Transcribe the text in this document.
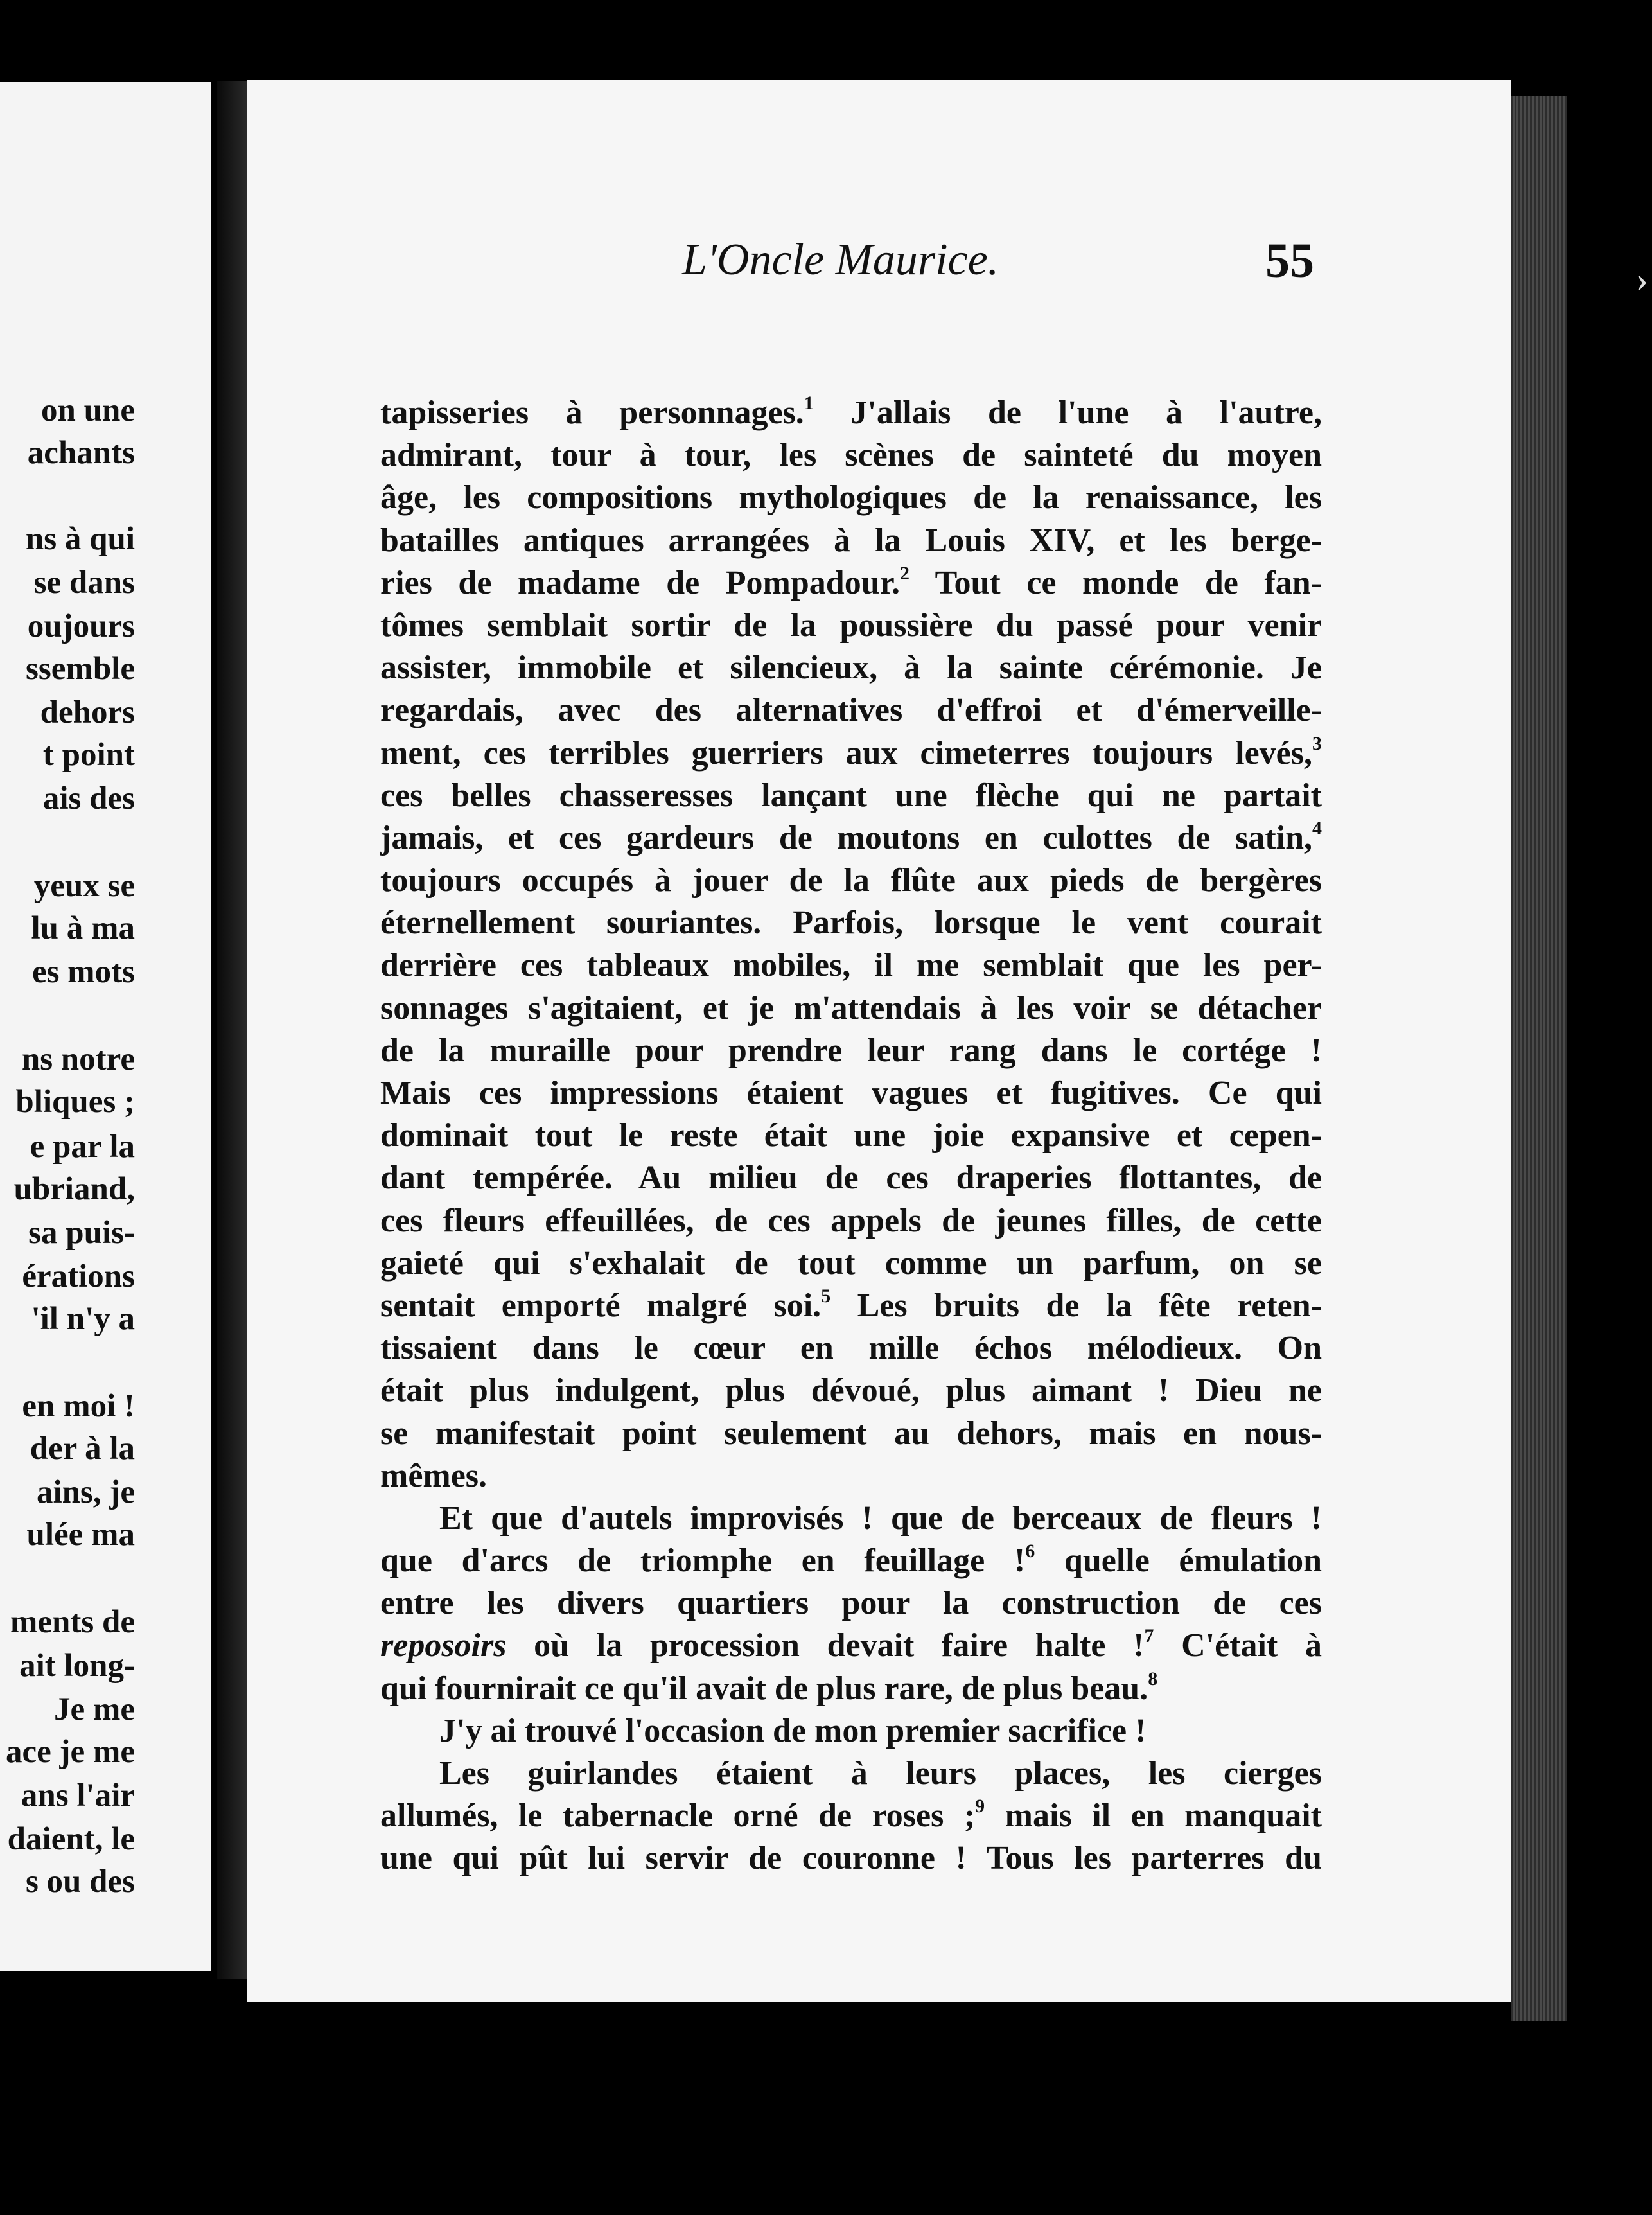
on une
achants
ns à qui
se dans
oujours
ssemble
dehors
t point
ais des
yeux se
lu à ma
es mots
ns notre
bliques ;
e par la
ubriand,
sa puis-
érations
'il n'y a
en moi !
der à la
ains, je
ulée ma
ments de
ait long-
Je me
ace je me
ans l'air
daient, le
s ou des
›
L'Oncle Maurice.	55
tapisseries à personnages.$^1$ J'allais de l'une à l'autre,
admirant, tour à tour, les scènes de sainteté du moyen
âge, les compositions mythologiques de la renaissance, les
batailles antiques arrangées à la Louis XIV, et les berge-
ries de madame de Pompadour.$^2$ Tout ce monde de fan-
tômes semblait sortir de la poussière du passé pour venir
assister, immobile et silencieux, à la sainte cérémonie. Je
regardais, avec des alternatives d'effroi et d'émerveille-
ment, ces terribles guerriers aux cimeterres toujours levés,$^3$
ces belles chasseresses lançant une flèche qui ne partait
jamais, et ces gardeurs de moutons en culottes de satin,$^4$
toujours occupés à jouer de la flûte aux pieds de bergères
éternellement souriantes. Parfois, lorsque le vent courait
derrière ces tableaux mobiles, il me semblait que les per-
sonnages s'agitaient, et je m'attendais à les voir se détacher
de la muraille pour prendre leur rang dans le cortége !
Mais ces impressions étaient vagues et fugitives. Ce qui
dominait tout le reste était une joie expansive et cepen-
dant tempérée. Au milieu de ces draperies flottantes, de
ces fleurs effeuillées, de ces appels de jeunes filles, de cette
gaieté qui s'exhalait de tout comme un parfum, on se
sentait emporté malgré soi.$^5$ Les bruits de la fête reten-
tissaient dans le cœur en mille échos mélodieux. On
était plus indulgent, plus dévoué, plus aimant ! Dieu ne
se manifestait point seulement au dehors, mais en nous-
mêmes.
Et que d'autels improvisés ! que de berceaux de fleurs !
que d'arcs de triomphe en feuillage !$^6$ quelle émulation
entre les divers quartiers pour la construction de ces
reposoirs où la procession devait faire halte !$^7$ C'était à
qui fournirait ce qu'il avait de plus rare, de plus beau.$^8$
J'y ai trouvé l'occasion de mon premier sacrifice !
Les guirlandes étaient à leurs places, les cierges
allumés, le tabernacle orné de roses ;$^9$ mais il en manquait
une qui pût lui servir de couronne ! Tous les parterres du
